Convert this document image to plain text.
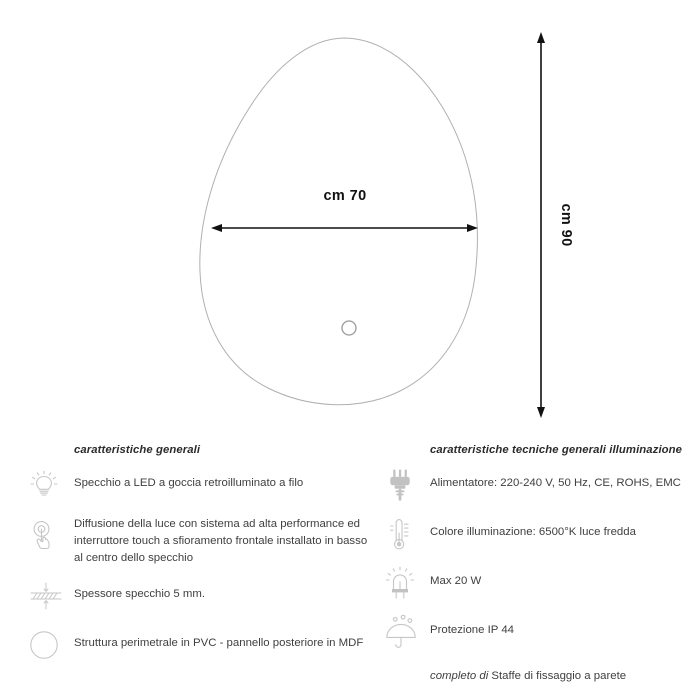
cm 70
cm 90
caratteristiche generali
Specchio a LED a goccia retroilluminato a filo
Diffusione della luce con sistema ad alta performance ed interruttore touch a sfioramento frontale installato in basso al centro dello specchio
Spessore specchio 5 mm.
Struttura perimetrale in PVC - pannello posteriore in MDF
caratteristiche tecniche generali illuminazione
Alimentatore: 220-240 V, 50 Hz, CE, ROHS, EMC
Colore illuminazione: 6500°K luce fredda
Max 20 W
Protezione IP 44
completo di Staffe di fissaggio a parete
